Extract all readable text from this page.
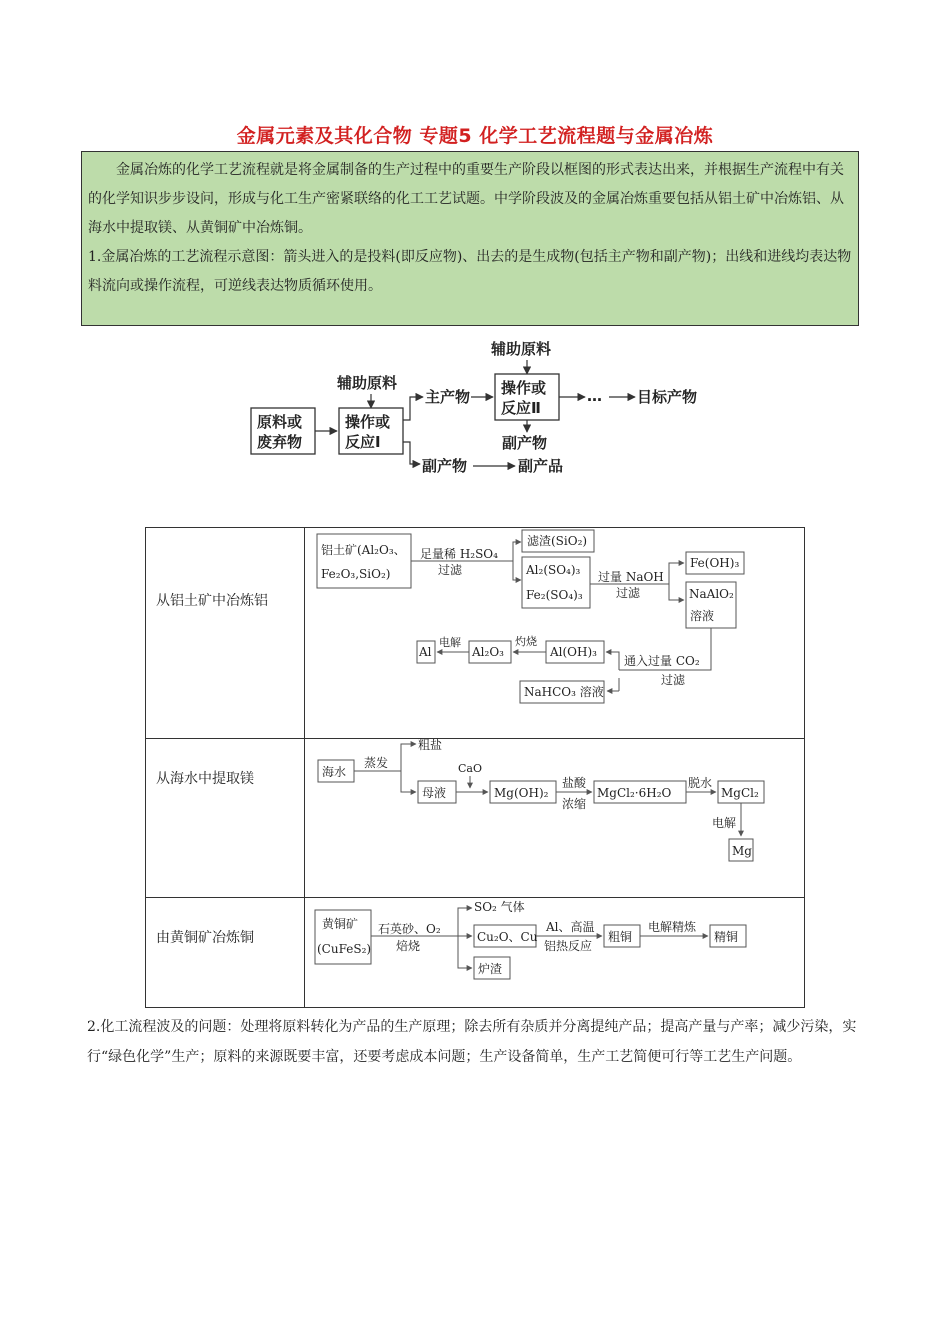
金属元素及其化合物 专题5 化学工艺流程题与金属冶炼

金属冶炼的化学工艺流程就是将金属制备的生产过程中的重要生产阶段以框图的形式表达出来，并根据生产流程中有关的化学知识步步设问，形成与化工生产密紧联络的化工工艺试题。中学阶段波及的金属冶炼重要包括从铝土矿中冶炼铝、从海水中提取镁、从黄铜矿中冶炼铜。

1.金属冶炼的工艺流程示意图：箭头进入的是投料(即反应物)、出去的是生成物(包括主产物和副产物)；出线和进线均表达物料流向或操作流程，可逆线表达物质循环使用。

原料或
废弃物
辅助原料
操作或
反应Ⅰ
主产物
辅助原料
操作或
反应Ⅱ
副产物
… 目标产物
副产物	副产品
从铝土矿中冶炼铝
从海水中提取镁
由黄铜矿冶炼铜
铝土矿(Al₂O₃、
Fe₂O₃,SiO₂)
足量稀 H₂SO₄
过滤
滤渣(SiO₂)
Al₂(SO₄)₃
Fe₂(SO₄)₃
过量 NaOH
过滤
Fe(OH)₃
NaAlO₂
溶液
通入过量 CO₂
过滤
Al(OH)₃
灼烧
Al₂O₃
电解
Al
NaHCO₃ 溶液
海水
蒸发
粗盐
母液
CaO
Mg(OH)₂
盐酸
浓缩
MgCl₂·6H₂O
脱水
MgCl₂
电解
Mg
黄铜矿
(CuFeS₂)
石英砂、O₂
焙烧
SO₂ 气体
Cu₂O、Cu
炉渣
Al、高温
铝热反应
粗铜
电解精炼
精铜

2.化工流程波及的问题：处理将原料转化为产品的生产原理；除去所有杂质并分离提纯产品；提高产量与产率；减少污染，实行“绿色化学”生产；原料的来源既要丰富，还要考虑成本问题；生产设备简单，生产工艺简便可行等工艺生产问题。
